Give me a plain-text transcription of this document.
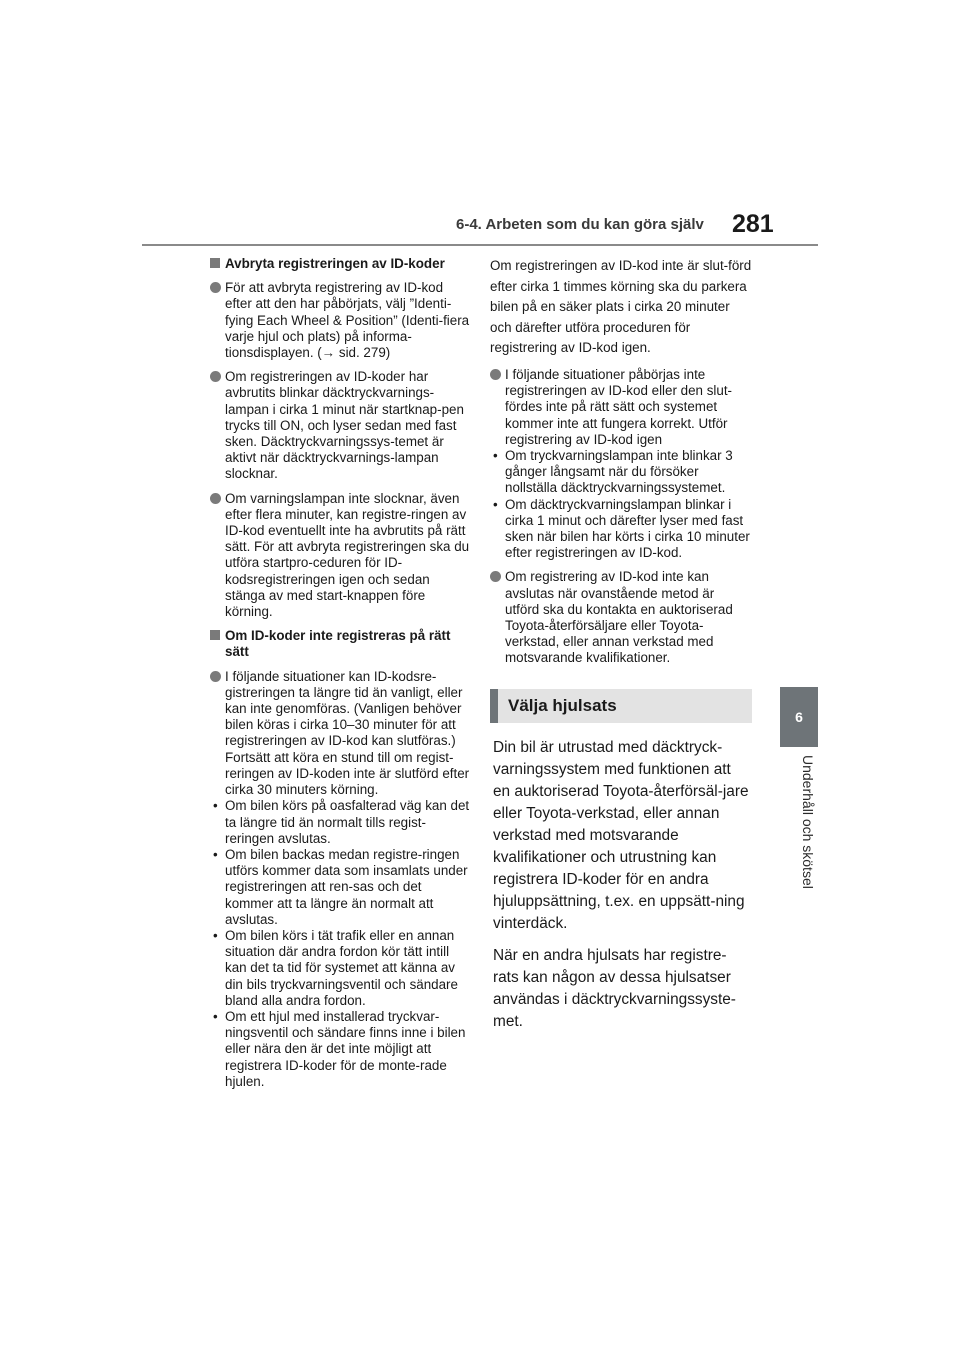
6-4. Arbeten som du kan göra själv 281
6
Underhåll och skötsel
Avbryta registreringen av ID-koder
För att avbryta registrering av ID-kod efter att den har påbörjats, välj ”Identi-fying Each Wheel & Position” (Identi-fiera varje hjul och plats) på informa-tionsdisplayen. (→ sid. 279)
Om registreringen av ID-koder har avbrutits blinkar däcktryckvarnings-lampan i cirka 1 minut när startknap-pen trycks till ON, och lyser sedan med fast sken. Däcktryckvarningssys-temet är aktivt när däcktryckvarnings-lampan slocknar.
Om varningslampan inte slocknar, även efter flera minuter, kan registre-ringen av ID-kod eventuellt inte ha avbrutits på rätt sätt. För att avbryta registreringen ska du utföra startpro-ceduren för ID-kodsregistreringen igen och sedan stänga av med start-knappen före körning.
Om ID-koder inte registreras på rätt sätt
I följande situationer kan ID-kodsre-gistreringen ta längre tid än vanligt, eller kan inte genomföras. (Vanligen behöver bilen köras i cirka 10–30 minuter för att registreringen av ID-kod kan slutföras.)
Fortsätt att köra en stund till om regist-reringen av ID-koden inte är slutförd efter cirka 30 minuters körning.
• Om bilen körs på oasfalterad väg kan det ta längre tid än normalt tills regist-reringen avslutas.
• Om bilen backas medan registre-ringen utförs kommer data som insamlats under registreringen att ren-sas och det kommer att ta längre än normalt att avslutas.
• Om bilen körs i tät trafik eller en annan situation där andra fordon kör tätt intill kan det ta tid för systemet att känna av din bils tryckvarningsventil och sändare bland alla andra fordon.
• Om ett hjul med installerad tryckvar-ningsventil och sändare finns inne i bilen eller nära den är det inte möjligt att registrera ID-koder för de monte-rade hjulen.
Om registreringen av ID-kod inte är slut-förd efter cirka 1 timmes körning ska du parkera bilen på en säker plats i cirka 20 minuter och därefter utföra proceduren för registrering av ID-kod igen.
I följande situationer påbörjas inte registreringen av ID-kod eller den slut-fördes inte på rätt sätt och systemet kommer inte att fungera korrekt. Utför registrering av ID-kod igen
• Om tryckvarningslampan inte blinkar 3 gånger långsamt när du försöker nollställa däcktryckvarningssystemet.
• Om däcktryckvarningslampan blinkar i cirka 1 minut och därefter lyser med fast sken när bilen har körts i cirka 10 minuter efter registreringen av ID-kod.
Om registrering av ID-kod inte kan avslutas när ovanstående metod är utförd ska du kontakta en auktoriserad Toyota-återförsäljare eller Toyota-verkstad, eller annan verkstad med motsvarande kvalifikationer.
Välja hjulsats
Din bil är utrustad med däcktryck-varningssystem med funktionen att en auktoriserad Toyota-återförsäl-jare eller Toyota-verkstad, eller annan verkstad med motsvarande kvalifikationer och utrustning kan registrera ID-koder för en andra hjuluppsättning, t.ex. en uppsätt-ning vinterdäck.
När en andra hjulsats har registre-rats kan någon av dessa hjulsatser användas i däcktryckvarningssyste-met.
